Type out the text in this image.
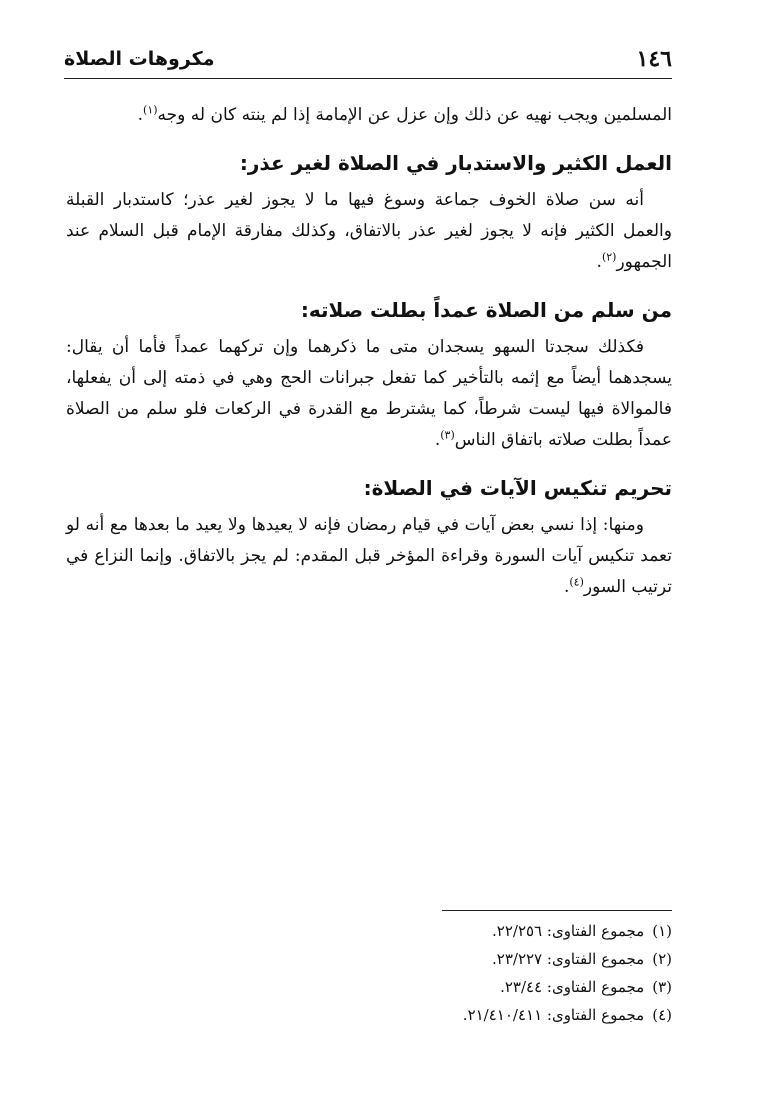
١٤٦
مكروهات الصلاة

المسلمين ويجب نهيه عن ذلك وإن عزل عن الإمامة إذا لم ينته كان له وجه$^{(١)}$.

العمل الكثير والاستدبار في الصلاة لغير عذر:

أنه سن صلاة الخوف جماعة وسوغ فيها ما لا يجوز لغير عذر؛ كاستدبار القبلة والعمل الكثير فإنه لا يجوز لغير عذر بالاتفاق، وكذلك مفارقة الإمام قبل السلام عند الجمهور$^{(٢)}$.

من سلم من الصلاة عمداً بطلت صلاته:

فكذلك سجدتا السهو يسجدان متى ما ذكرهما وإن تركهما عمداً فأما أن يقال: يسجدهما أيضاً مع إثمه بالتأخير كما تفعل جبرانات الحج وهي في ذمته إلى أن يفعلها، فالموالاة فيها ليست شرطاً، كما يشترط مع القدرة في الركعات فلو سلم من الصلاة عمداً بطلت صلاته باتفاق الناس$^{(٣)}$.

تحريم تنكيس الآيات في الصلاة:

ومنها: إذا نسي بعض آيات في قيام رمضان فإنه لا يعيدها ولا يعيد ما بعدها مع أنه لو تعمد تنكيس آيات السورة وقراءة المؤخر قبل المقدم: لم يجز بالاتفاق. وإنما النزاع في ترتيب السور$^{(٤)}$.

(١)مجموع الفتاوى: ٢٢/٢٥٦.
(٢)مجموع الفتاوى: ٢٣/٢٢٧.
(٣)مجموع الفتاوى: ٢٣/٤٤.
(٤)مجموع الفتاوى: ٢١/٤١٠/٤١١.
